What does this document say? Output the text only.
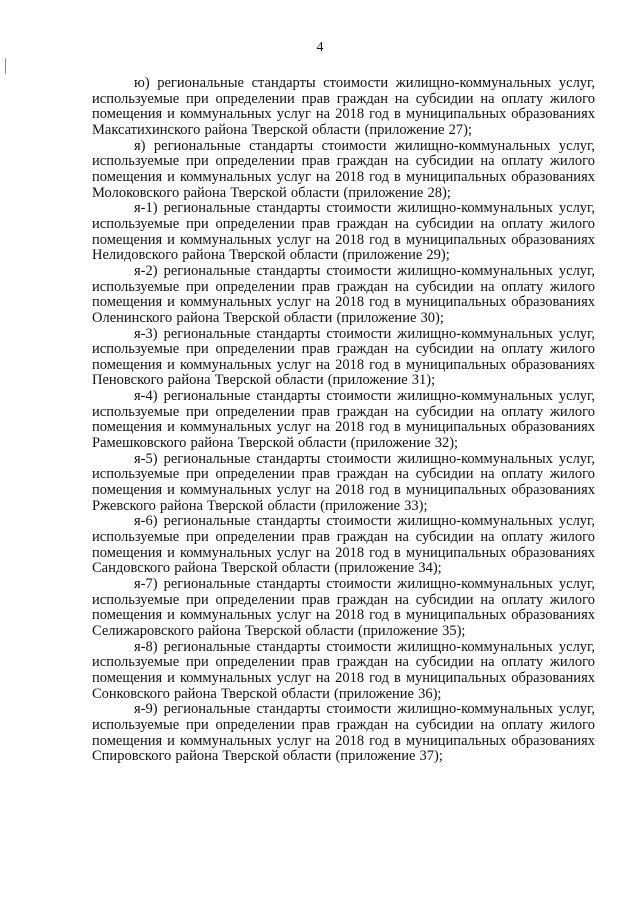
4

ю) региональные стандарты стоимости жилищно-коммунальных услуг, используемые при определении прав граждан на субсидии на оплату жилого помещения и коммунальных услуг на 2018 год в муниципальных образованиях Максатихинского района Тверской области (приложение 27);

я) региональные стандарты стоимости жилищно-коммунальных услуг, используемые при определении прав граждан на субсидии на оплату жилого помещения и коммунальных услуг на 2018 год в муниципальных образованиях Молоковского района Тверской области (приложение 28);

я-1) региональные стандарты стоимости жилищно-коммунальных услуг, используемые при определении прав граждан на субсидии на оплату жилого помещения и коммунальных услуг на 2018 год в муниципальных образованиях Нелидовского района Тверской области (приложение 29);

я-2) региональные стандарты стоимости жилищно-коммунальных услуг, используемые при определении прав граждан на субсидии на оплату жилого помещения и коммунальных услуг на 2018 год в муниципальных образованиях Оленинского района Тверской области (приложение 30);

я-3) региональные стандарты стоимости жилищно-коммунальных услуг, используемые при определении прав граждан на субсидии на оплату жилого помещения и коммунальных услуг на 2018 год в муниципальных образованиях Пеновского района Тверской области (приложение 31);

я-4) региональные стандарты стоимости жилищно-коммунальных услуг, используемые при определении прав граждан на субсидии на оплату жилого помещения и коммунальных услуг на 2018 год в муниципальных образованиях Рамешковского района Тверской области (приложение 32);

я-5) региональные стандарты стоимости жилищно-коммунальных услуг, используемые при определении прав граждан на субсидии на оплату жилого помещения и коммунальных услуг на 2018 год в муниципальных образованиях Ржевского района Тверской области (приложение 33);

я-6) региональные стандарты стоимости жилищно-коммунальных услуг, используемые при определении прав граждан на субсидии на оплату жилого помещения и коммунальных услуг на 2018 год в муниципальных образованиях Сандовского района Тверской области (приложение 34);

я-7) региональные стандарты стоимости жилищно-коммунальных услуг, используемые при определении прав граждан на субсидии на оплату жилого помещения и коммунальных услуг на 2018 год в муниципальных образованиях Селижаровского района Тверской области (приложение 35);

я-8) региональные стандарты стоимости жилищно-коммунальных услуг, используемые при определении прав граждан на субсидии на оплату жилого помещения и коммунальных услуг на 2018 год в муниципальных образованиях Сонковского района Тверской области (приложение 36);

я-9) региональные стандарты стоимости жилищно-коммунальных услуг, используемые при определении прав граждан на субсидии на оплату жилого помещения и коммунальных услуг на 2018 год в муниципальных образованиях Спировского района Тверской области (приложение 37);
